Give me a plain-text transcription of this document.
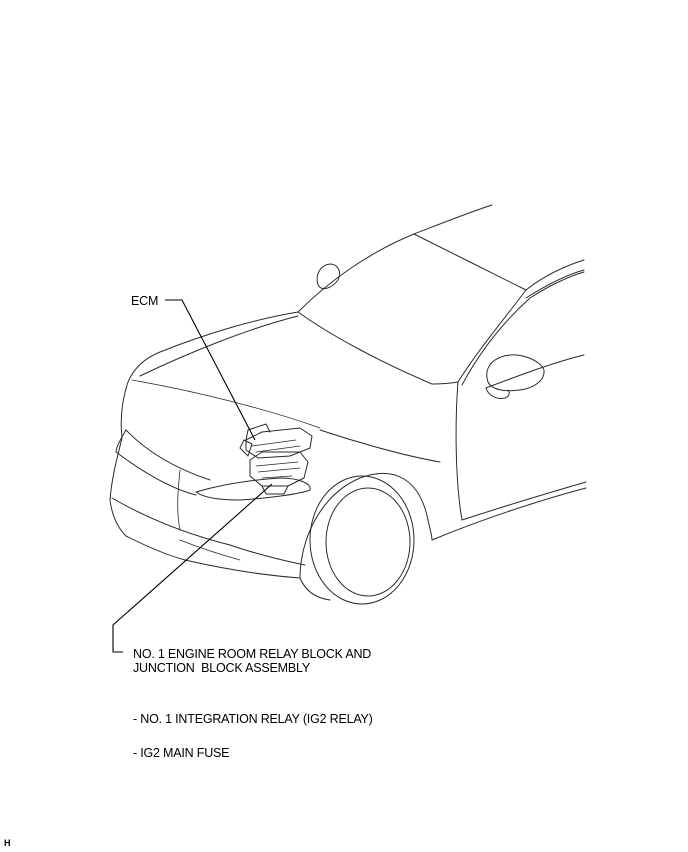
ECM
NO. 1 ENGINE ROOM RELAY BLOCK AND
JUNCTION  BLOCK ASSEMBLY
- NO. 1 INTEGRATION RELAY (IG2 RELAY)
- IG2 MAIN FUSE
H
